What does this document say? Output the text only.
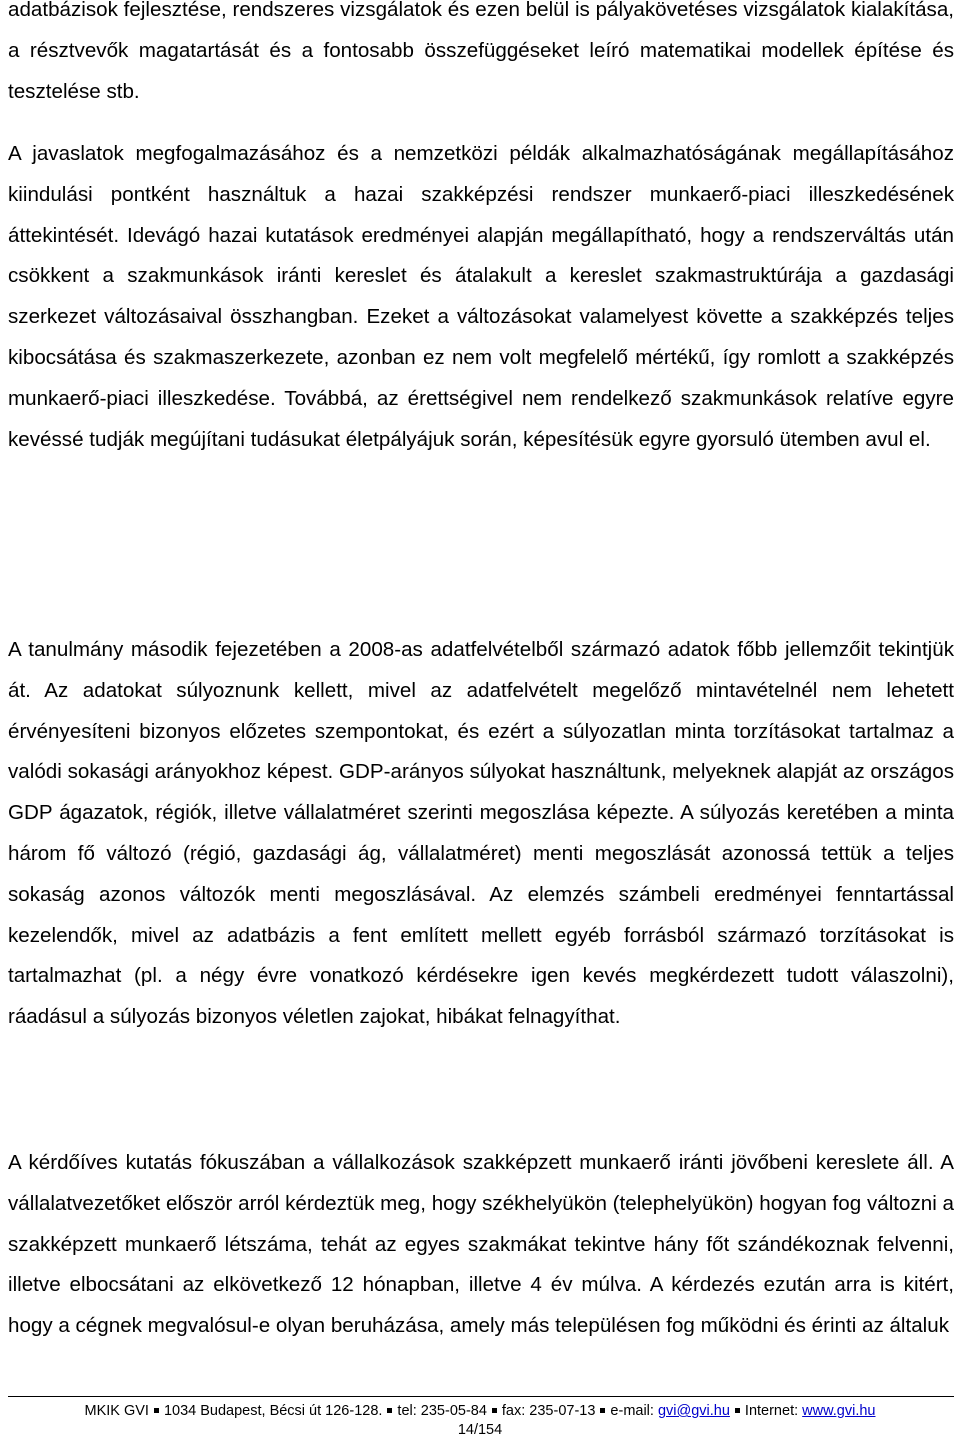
adatbázisok fejlesztése, rendszeres vizsgálatok és ezen belül is pályakövetéses vizsgálatok kialakítása, a résztvevők magatartását és a fontosabb összefüggéseket leíró matematikai modellek építése és tesztelése stb.

A javaslatok megfogalmazásához és a nemzetközi példák alkalmazhatóságának megállapításához kiindulási pontként használtuk a hazai szakképzési rendszer munkaerő-piaci illeszkedésének áttekintését. Idevágó hazai kutatások eredményei alapján megállapítható, hogy a rendszerváltás után csökkent a szakmunkások iránti kereslet és átalakult a kereslet szakmastruktúrája a gazdasági szerkezet változásaival összhangban. Ezeket a változásokat valamelyest követte a szakképzés teljes kibocsátása és szakmaszerkezete, azonban ez nem volt megfelelő mértékű, így romlott a szakképzés munkaerő-piaci illeszkedése. Továbbá, az érettségivel nem rendelkező szakmunkások relatíve egyre kevéssé tudják megújítani tudásukat életpályájuk során, képesítésük egyre gyorsuló ütemben avul el.

A tanulmány második fejezetében a 2008-as adatfelvételből származó adatok főbb jellemzőit tekintjük át. Az adatokat súlyoznunk kellett, mivel az adatfelvételt megelőző mintavételnél nem lehetett érvényesíteni bizonyos előzetes szempontokat, és ezért a súlyozatlan minta torzításokat tartalmaz a valódi sokasági arányokhoz képest. GDP-arányos súlyokat használtunk, melyeknek alapját az országos GDP ágazatok, régiók, illetve vállalatméret szerinti megoszlása képezte. A súlyozás keretében a minta három fő változó (régió, gazdasági ág, vállalatméret) menti megoszlását azonossá tettük a teljes sokaság azonos változók menti megoszlásával. Az elemzés számbeli eredményei fenntartással kezelendők, mivel az adatbázis a fent említett mellett egyéb forrásból származó torzításokat is tartalmazhat (pl. a négy évre vonatkozó kérdésekre igen kevés megkérdezett tudott válaszolni), ráadásul a súlyozás bizonyos véletlen zajokat, hibákat felnagyíthat.

A kérdőíves kutatás fókuszában a vállalkozások szakképzett munkaerő iránti jövőbeni kereslete áll. A vállalatvezetőket először arról kérdeztük meg, hogy székhelyükön (telephelyükön) hogyan fog változni a szakképzett munkaerő létszáma, tehát az egyes szakmákat tekintve hány főt szándékoznak felvenni, illetve elbocsátani az elkövetkező 12 hónapban, illetve 4 év múlva. A kérdezés ezután arra is kitért, hogy a cégnek megvalósul-e olyan beruházása, amely más településen fog működni és érinti az általuk

MKIK GVI 1034 Budapest, Bécsi út 126-128. tel: 235-05-84 fax: 235-07-13 e-mail: gvi@gvi.hu Internet: www.gvi.hu
14/154
